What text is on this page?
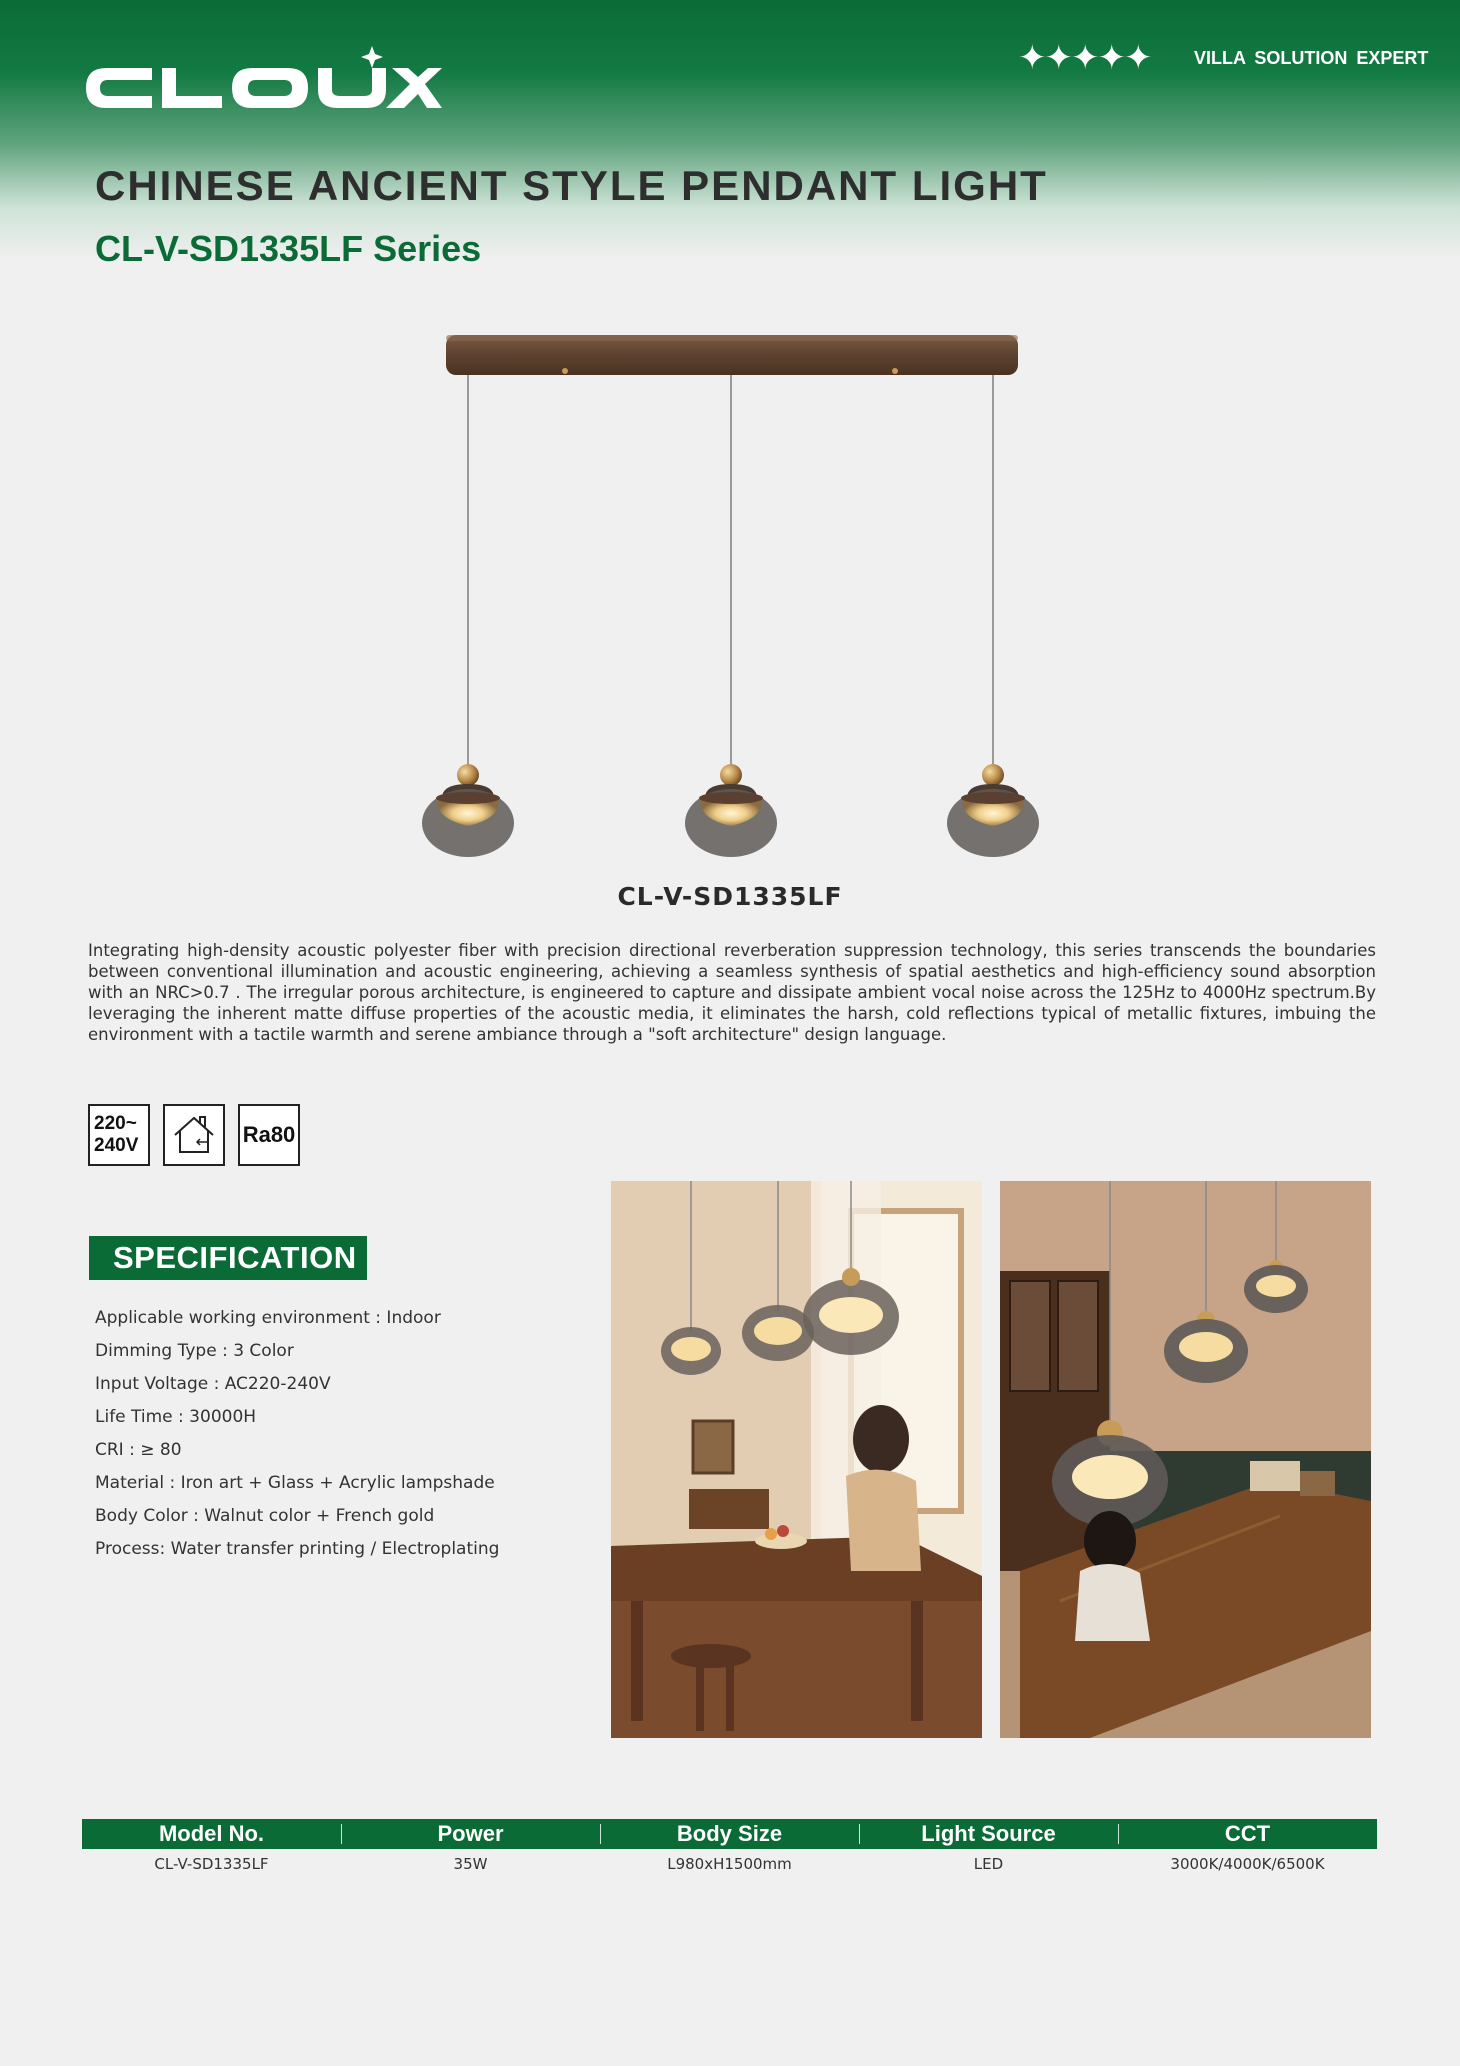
✦✦✦✦✦ VILLA SOLUTION EXPERT
CHINESE ANCIENT STYLE PENDANT LIGHT
CL-V-SD1335LF Series
CL-V-SD1335LF

Integrating high-density acoustic polyester fiber with precision directional reverberation suppression technology, this series transcends the boundaries between conventional illumination and acoustic engineering, achieving a seamless synthesis of spatial aesthetics and high-efficiency sound absorption with an NRC>0.7 . The irregular porous architecture, is engineered to capture and dissipate ambient vocal noise across the 125Hz to 4000Hz spectrum.By leveraging the inherent matte diffuse properties of the acoustic media, it eliminates the harsh, cold reflections typical of metallic fixtures, imbuing the environment with a tactile warmth and serene ambiance through a "soft architecture" design language.

220~
240V	Ra80
SPECIFICATION
Applicable working environment : Indoor
Dimming Type : 3 Color
Input Voltage : AC220-240V
Life Time : 30000H
CRI : ≥ 80
Material : Iron art + Glass + Acrylic lampshade
Body Color : Walnut color + French gold
Process: Water transfer printing / Electroplating
Model No.	Power	Body Size	Light Source	CCT
CL-V-SD1335LF	35W	L980xH1500mm	LED	3000K/4000K/6500K
